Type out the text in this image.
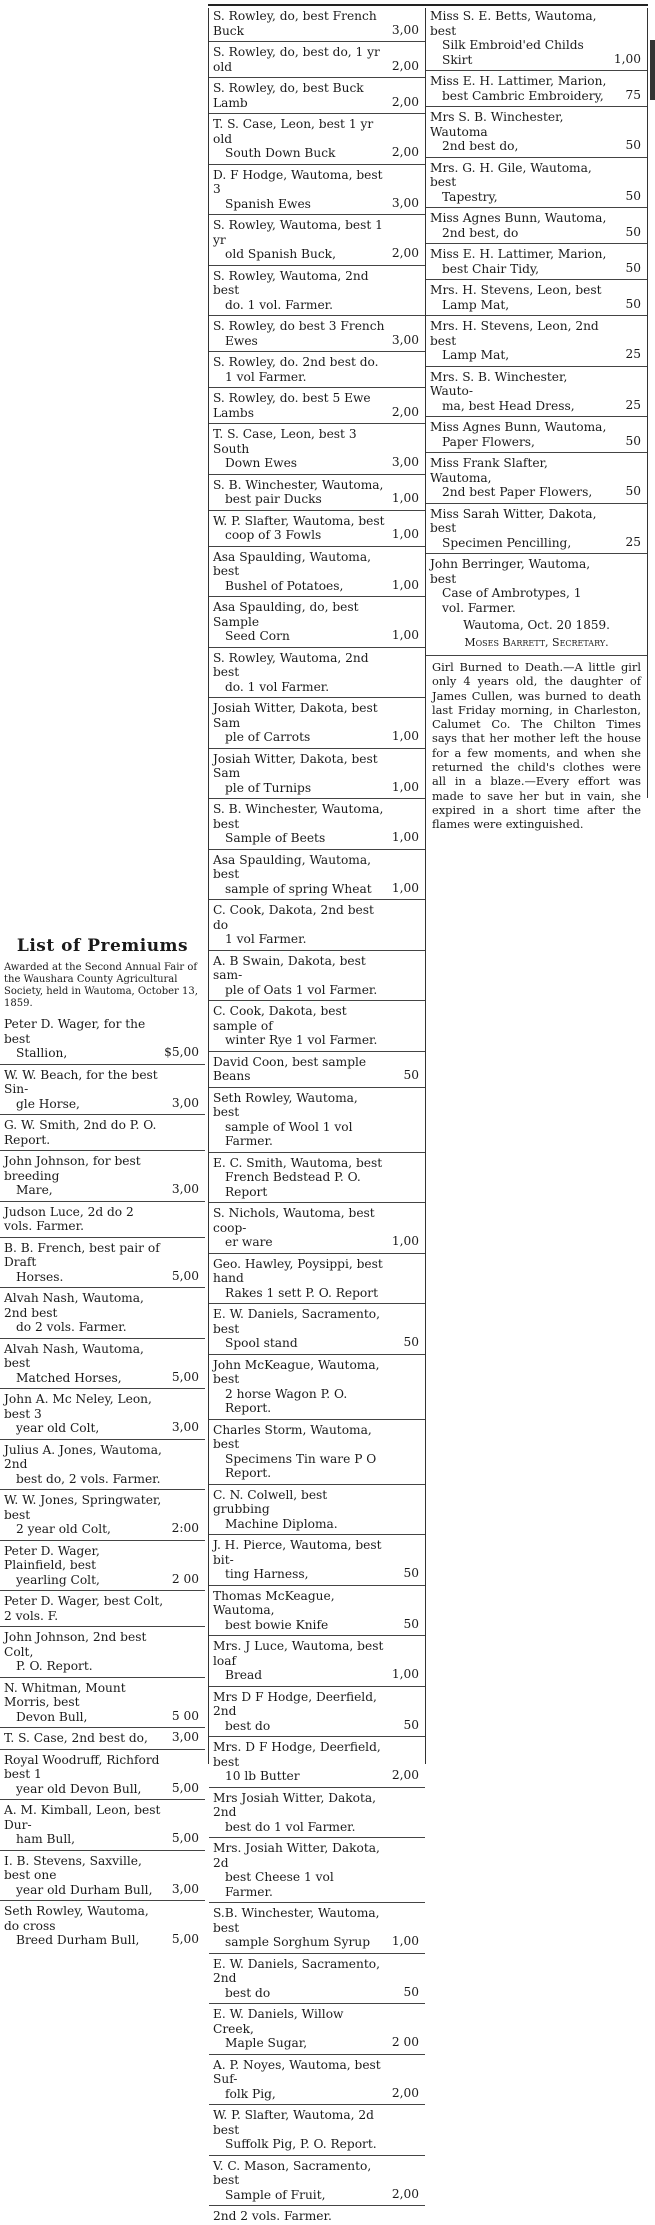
List of Premiums
Awarded at the Second Annual Fair of the Waushara County Agricultural Society, held in Wautoma, October 13, 1859.
Peter D. Wager, for the best
Stallion,	$5,00
W. W. Beach, for the best Sin-
gle Horse,	3,00
G. W. Smith, 2nd do P. O. Report.
John Johnson, for best breeding
Mare,	3,00
Judson Luce, 2d do 2 vols. Farmer.
B. B. French, best pair of Draft
Horses.	5,00
Alvah Nash, Wautoma, 2nd best
do 2 vols. Farmer.
Alvah Nash, Wautoma, best
Matched Horses,	5,00
John A. Mc Neley, Leon, best 3
year old Colt,	3,00
Julius A. Jones, Wautoma, 2nd
best do, 2 vols. Farmer.
W. W. Jones, Springwater, best
2 year old Colt,	2:00
Peter D. Wager, Plainfield, best
yearling Colt,	2 00
Peter D. Wager, best Colt, 2 vols. F.
John Johnson, 2nd best Colt,
P. O. Report.
N. Whitman, Mount Morris, best
Devon Bull,	5 00
T. S. Case, 2nd best do,	3,00
Royal Woodruff, Richford best 1
year old Devon Bull,	5,00
A. M. Kimball, Leon, best Dur-
ham Bull,	5,00
I. B. Stevens, Saxville, best one
year old Durham Bull,	3,00
Seth Rowley, Wautoma, do cross
Breed Durham Bull,	5,00
S. Rowley, do, best French Buck	3,00
S. Rowley, do, best do, 1 yr old	2,00
S. Rowley, do, best Buck Lamb	2,00
T. S. Case, Leon, best 1 yr old
South Down Buck	2,00
D. F Hodge, Wautoma, best 3
Spanish Ewes	3,00
S. Rowley, Wautoma, best 1 yr
old Spanish Buck,	2,00
S. Rowley, Wautoma, 2nd best
do. 1 vol. Farmer.
S. Rowley, do best 3 French
Ewes	3,00
S. Rowley, do. 2nd best do.
1 vol Farmer.
S. Rowley, do. best 5 Ewe Lambs	2,00
T. S. Case, Leon, best 3 South
Down Ewes	3,00
S. B. Winchester, Wautoma,
best pair Ducks	1,00
W. P. Slafter, Wautoma, best
coop of 3 Fowls	1,00
Asa Spaulding, Wautoma, best
Bushel of Potatoes,	1,00
Asa Spaulding, do, best Sample
Seed Corn	1,00
S. Rowley, Wautoma, 2nd best
do. 1 vol Farmer.
Josiah Witter, Dakota, best Sam
ple of Carrots	1,00
Josiah Witter, Dakota, best Sam
ple of Turnips	1,00
S. B. Winchester, Wautoma, best
Sample of Beets	1,00
Asa Spaulding, Wautoma, best
sample of spring Wheat	1,00
C. Cook, Dakota, 2nd best do
1 vol Farmer.
A. B Swain, Dakota, best sam-
ple of Oats 1 vol Farmer.
C. Cook, Dakota, best sample of
winter Rye 1 vol Farmer.
David Coon, best sample Beans	50
Seth Rowley, Wautoma, best
sample of Wool 1 vol Farmer.
E. C. Smith, Wautoma, best
French Bedstead P. O. Report
S. Nichols, Wautoma, best coop-
er ware	1,00
Geo. Hawley, Poysippi, best hand
Rakes 1 sett P. O. Report
E. W. Daniels, Sacramento, best
Spool stand	50
John McKeague, Wautoma, best
2 horse Wagon P. O. Report.
Charles Storm, Wautoma, best
Specimens Tin ware P O Report.
C. N. Colwell, best grubbing
Machine Diploma.
J. H. Pierce, Wautoma, best bit-
ting Harness,	50
Thomas McKeague, Wautoma,
best bowie Knife	50
Mrs. J Luce, Wautoma, best loaf
Bread	1,00
Mrs D F Hodge, Deerfield, 2nd
best do	50
Mrs. D F Hodge, Deerfield, best
10 lb Butter	2,00
Mrs Josiah Witter, Dakota, 2nd
best do 1 vol Farmer.
Mrs. Josiah Witter, Dakota, 2d
best Cheese 1 vol Farmer.
S.B. Winchester, Wautoma, best
sample Sorghum Syrup	1,00
E. W. Daniels, Sacramento, 2nd
best do	50
E. W. Daniels, Willow Creek,
Maple Sugar,	2 00
A. P. Noyes, Wautoma, best Suf-
folk Pig,	2,00
W. P. Slafter, Wautoma, 2d best
Suffolk Pig, P. O. Report.
V. C. Mason, Sacramento, best
Sample of Fruit,	2,00
2nd 2 vols. Farmer.
Miss S. E. Betts, Wautoma, best
Silk Embroid'ed Childs Skirt	1,00
Miss E. H. Lattimer, Marion,
best Cambric Embroidery,	75
Mrs S. B. Winchester, Wautoma
2nd best do,	50
Mrs. G. H. Gile, Wautoma, best
Tapestry,	50
Miss Agnes Bunn, Wautoma,
2nd best, do	50
Miss E. H. Lattimer, Marion,
best Chair Tidy,	50
Mrs. H. Stevens, Leon, best
Lamp Mat,	50
Mrs. H. Stevens, Leon, 2nd best
Lamp Mat,	25
Mrs. S. B. Winchester, Wauto-
ma, best Head Dress,	25
Miss Agnes Bunn, Wautoma,
Paper Flowers,	50
Miss Frank Slafter, Wautoma,
2nd best Paper Flowers,	50
Miss Sarah Witter, Dakota, best
Specimen Pencilling,	25
John Berringer, Wautoma, best
Case of Ambrotypes, 1 vol. Farmer.
Wautoma, Oct. 20 1859.
Moses Barrett, Secretary.
Girl Burned to Death.—A little girl only 4 years old, the daughter of James Cullen, was burned to death last Friday morning, in Charleston, Calumet Co. The Chilton Times says that her mother left the house for a few moments, and when she returned the child's clothes were all in a blaze.—Every effort was made to save her but in vain, she expired in a short time after the flames were extinguished.
